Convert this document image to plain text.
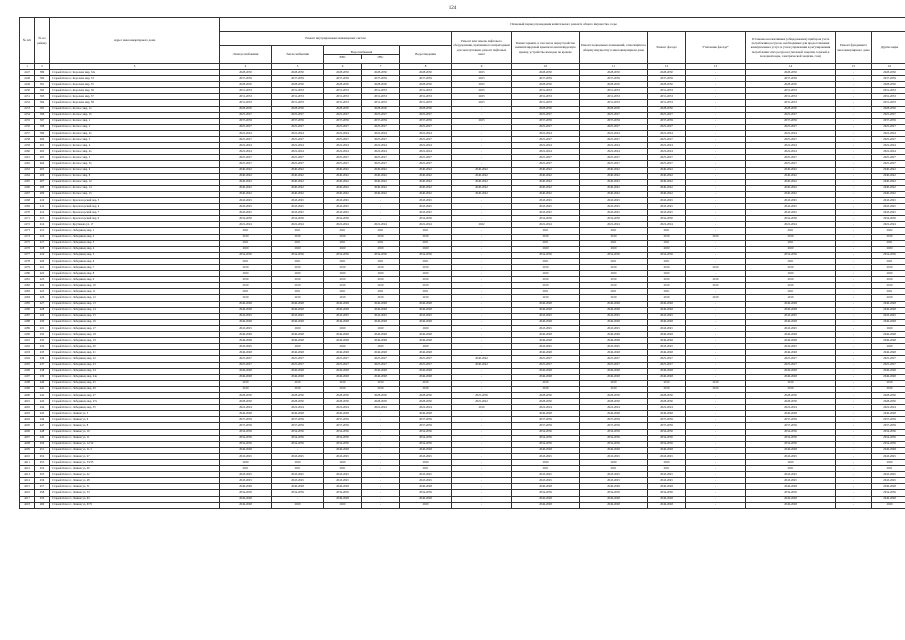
124
№ п/п	№ по району	Адрес многоквартирного дома	Плановый период проведения капитального ремонта общего имущества, годы												
			Ремонт внутридомовых инженерных систем					Ремонт или замена лифтового оборудования, признанного непригодным для эксплуатации, ремонт лифтовых шахт	Ремонт крыши, в том числе переустройство невентилируемой крыши на вентилируемую крышу, устройство выходов на кровлю	Ремонт подвальных помещений, относящихся к общему имуществу в многоквартирном доме	Ремонт фасада	Утепление фасада*	Установка коллективных (общедомовых) приборов учета потребления ресурсов, необходимых для предоставления коммунальных услуг, и узлов управления и регулирования потребления этих ресурсов (тепловой энергии, горячей и холодной воды, электрической энергии, газа)	Ремонт фундамента многоквартирного дома	Другие виды
			Электроснабжения	Теплоснабжения	Водоснабжения
ХВС ГВС		Водоотведения								
1	2	3	4	5	6	7	8	9	10	11	12	13	14	15	16
4147	389	Старый Оскол г, Королева мкр, 32а	2028-2030	2028-2030	2028-2030	2028-2030	2028-2030	2023	2028-2030	2028-2030	2028-2030	-	2028-2030	-	2028-2030
4148	390	Старый Оскол г, Королева мкр, 33	2037-2039	2037-2039	2037-2039	2037-2039	2037-2039	2023	2037-2039	2037-2039	2037-2039	-	2037-2039	-	2037-2039
4149	391	Старый Оскол г, Королева мкр, 35	2028-2030	2028-2030	2028-2030	2028-2030	2028-2030	2023	2028-2030	2028-2030	2028-2030	-	2028-2030	-	2028-2030
4150	392	Старый Оскол г, Королева мкр, 36	2031-2033	2031-2033	2031-2033	2031-2033	2031-2033	2023	2031-2033	2031-2033	2031-2033	-	2031-2033	-	2031-2033
4151	393	Старый Оскол г, Королева мкр, 37	2031-2033	2031-2033	2031-2033	2031-2033	2031-2033	2023	2031-2033	2031-2033	2031-2033	-	2031-2033	-	2031-2033
4152	394	Старый Оскол г, Королева мкр, 38	2031-2033	2031-2033	2031-2033	2031-2033	2031-2033	2023	2031-2033	2031-2033	2031-2033	-	2031-2033	-	2031-2033
4153	395	Старый Оскол г, Космос мкр, 1а	2028-2030	2028-2030	2028-2030	2028-2030	2028-2030	-	2028-2030	2028-2030	2028-2030	-	2028-2030	-	2028-2030
4154	396	Старый Оскол г, Космос мкр, 1б	2025-2027	2025-2027	2025-2027	2025-2027	2025-2027	-	2025-2027	2025-2027	2025-2027	-	2025-2027	-	2025-2027
4155	397	Старый Оскол г, Космос мкр, 1	2037-2039	2037-2039	2037-2039	2037-2039	2037-2039	2023	2037-2039	2037-2039	2037-2039	-	2037-2039	-	2037-2039
4156	398	Старый Оскол г, Космос мкр, 2	2025-2027	2025-2027	2025-2027	2025-2027	2025-2027	-	2025-2027	2025-2027	2025-2027	-	2025-2027	-	2025-2027
4157	399	Старый Оскол г, Космос мкр, 2а	2022-2024	2022-2024	2022-2024	2022-2024	2022-2024	-	2022-2024	2022-2024	2022-2024	-	2022-2024	-	2022-2024
4158	400	Старый Оскол г, Космос мкр, 3	2025-2027	2025-2027	2025-2027	2025-2027	2025-2027	-	2025-2027	2025-2027	2025-2027	-	2025-2027	-	2025-2027
4159	401	Старый Оскол г, Космос мкр, 4	2022-2024	2022-2024	2022-2024	2022-2024	2022-2024	-	2022-2024	2022-2024	2022-2024	-	2022-2024	-	2022-2024
4160	402	Старый Оскол г, Космос мкр, 4а	2022-2024	2022-2024	2022-2024	2022-2024	2022-2024	-	2022-2024	2022-2024	2022-2024	-	2022-2024	-	2022-2024
4161	403	Старый Оскол г, Космос мкр, 5	2025-2027	2025-2027	2025-2027	2025-2027	2025-2027	-	2025-2027	2025-2027	2025-2027	-	2025-2027	-	2025-2027
4162	404	Старый Оскол г, Космос мкр, 5а	2025-2027	2025-2027	2025-2027	2025-2027	2025-2027	-	2025-2027	2025-2027	2025-2027	-	2025-2027	-	2025-2027
4163	405	Старый Оскол г, Космос мкр, 6	2040-2042	2040-2042	2040-2042	2040-2042	2040-2042	2040-2042	2040-2042	2040-2042	2040-2042	-	2040-2042	-	2040-2042
4164	406	Старый Оскол г, Космос мкр, 8	2040-2042	2040-2042	2040-2042	2040-2042	2040-2042	2040-2042	2040-2042	2040-2042	2040-2042	-	2040-2042	-	2040-2042
4165	407	Старый Оскол г, Космос мкр, 12	2040-2042	2040-2042	2040-2042	2040-2042	2040-2042	2040-2042	2040-2042	2040-2042	2040-2042	-	2040-2042	-	2040-2042
4166	408	Старый Оскол г, Космос мкр, 14	2040-2042	2040-2042	2040-2042	2040-2042	2040-2042	2040-2042	2040-2042	2040-2042	2040-2042	-	2040-2042	-	2040-2042
4167	409	Старый Оскол г, Космос мкр, 15	2040-2042	2040-2042	2040-2042	2040-2042	2040-2042	2040-2042	2040-2042	2040-2042	2040-2042	-	2040-2042	-	2040-2042
4168	410	Старый Оскол г, Красногорский пер, 5	2043-2045	2043-2045	2043-2045	-	2043-2045	-	2043-2045	2043-2045	2043-2045	-	2043-2045	-	2043-2045
4169	411	Старый Оскол г, Красногорский пер, 6	2043-2045	2043-2045	2043-2045	-	2043-2045	-	2043-2045	2043-2045	2043-2045	-	2043-2045	-	2043-2045
4170	412	Старый Оскол г, Красногорский пер, 7	2043-2045	2043-2045	2043-2045	-	2043-2045	-	2043-2045	2043-2045	2043-2045	-	2043-2045	-	2043-2045
4171	413	Старый Оскол г, Красногорский пер, 9	2034-2036	2034-2036	2034-2036	-	2034-2036	-	2034-2036	2034-2036	2034-2036	-	2034-2036	-	2034-2036
4172	414	Старый Оскол г, Крутикова ул, 17	2022-2024	2022-2024	2022-2024	2022-2024	2022-2024	2022	2022-2024	2022-2024	2022-2024	-	2022-2024	-	2022-2024
4173	415	Старый Оскол г, Лебединец мкр, 1	2021	2021	2021	2021	2021	-	2021	2021	2021	-	2021	-	2022
4174	416	Старый Оскол г, Лебединец мкр, 2	2019	2019	2019	2019	2019	-	2019	2019	2019	2019	2019	-	2019
4175	417	Старый Оскол г, Лебединец мкр, 3	2021	2021	2021	2021	2021	-	2021	2021	2021	-	2021	-	2021
4176	418	Старый Оскол г, Лебединец мкр, 4	2020	2020	2020	2020	2020	-	2020	2020	2020	-	2020	-	2020
4177	419	Старый Оскол г, Лебединец мкр, 5	2034-2036	2034-2036	2034-2036	2034-2036	2034-2036	-	2034-2036	2034-2036	2034-2036	-	2034-2036	-	2034-2036
4178	420	Старый Оскол г, Лебединец мкр, 6	2021	2021	2021	2021	2021	-	2021	2021	2021	-	2021	-	2021
4179	421	Старый Оскол г, Лебединец мкр, 7	2019	2019	2019	2019	2019	-	2019	2019	2019	2019	2019	-	2019
4180	422	Старый Оскол г, Лебединец мкр, 8	2020	2020	2020	2020	2020	-	2020	2020	2020	-	2020	-	2020
4181	423	Старый Оскол г, Лебединец мкр, 9	2019	2019	2019	2019	2019	-	2019	2019	2019	2019	2019	-	2019
4182	424	Старый Оскол г, Лебединец мкр, 10	2019	2019	2019	2019	2019	-	2019	2019	2019	2019	2019	-	2019
4183	425	Старый Оскол г, Лебединец мкр, 11	2021	2021	2021	2021	2021	-	2021	2021	2021	-	2021	-	2021
4184	426	Старый Оскол г, Лебединец мкр, 12	2019	2019	2019	2019	2019	-	2019	2019	2019	2019	2019	-	2019
4185	427	Старый Оскол г, Лебединец мкр, 13	2046-2048	2046-2048	2046-2048	2046-2048	2046-2048	-	2046-2048	2046-2048	2046-2048	-	2046-2048	-	2046-2048
4186	428	Старый Оскол г, Лебединец мкр, 14	2046-2048	2046-2048	2046-2048	2046-2048	2046-2048	-	2046-2048	2046-2048	2046-2048	-	2046-2048	-	2046-2048
4187	429	Старый Оскол г, Лебединец мкр, 15	2043-2045	2043-2045	2043-2045	2043-2045	2043-2045	-	2043-2045	2043-2045	2043-2045	-	2043-2045	-	2043-2045
4188	430	Старый Оскол г, Лебединец мкр, 16	2046-2048	2046-2048	2046-2048	2046-2048	2046-2048	-	2046-2048	2046-2048	2046-2048	-	2046-2048	-	2046-2048
4189	431	Старый Оскол г, Лебединец мкр, 17	2043-2045	2020	2020	2020	2020	-	2043-2045	2043-2045	2043-2045	-	2043-2045	-	2020
4190	432	Старый Оскол г, Лебединец мкр, 18	2046-2048	2046-2048	2046-2048	2046-2048	2046-2048	-	2046-2048	2046-2048	2046-2048	-	2046-2048	-	2046-2048
4191	433	Старый Оскол г, Лебединец мкр, 19	2046-2048	2046-2048	2046-2048	2046-2048	2046-2048	-	2046-2048	2046-2048	2046-2048	-	2046-2048	-	2046-2048
4192	434	Старый Оскол г, Лебединец мкр, 20	2043-2045	2020	2020	2020	2020	-	2043-2045	2043-2045	2043-2045	-	2043-2045	-	2020
4193	435	Старый Оскол г, Лебединец мкр, 21	2046-2048	2046-2048	2046-2048	2046-2048	2046-2048	-	2046-2048	2046-2048	2046-2048	-	2046-2048	-	2046-2048
4194	436	Старый Оскол г, Лебединец мкр, 22	2025-2027	2025-2027	2025-2027	2025-2027	2025-2027	2040-2042	2025-2027	2025-2027	2025-2027	-	2025-2027	-	2025-2027
4195	437	Старый Оскол г, Лебединец мкр, 23	2025-2027	2025-2027	2025-2027	2025-2027	2025-2027	2040-2042	2025-2027	2025-2027	2025-2027	-	2025-2027	-	2025-2027
4196	438	Старый Оскол г, Лебединец мкр, 24	2046-2048	2046-2048	2046-2048	2046-2048	2046-2048	-	2046-2048	2046-2048	2046-2048	-	2046-2048	-	2046-2048
4197	439	Старый Оскол г, Лебединец мкр, 24а	2046-2048	2046-2048	2046-2048	2046-2048	2046-2048	-	2046-2048	2046-2048	2046-2048	-	2046-2048	-	2046-2048
4198	440	Старый Оскол г, Лебединец мкр, 25	2019	2019	2019	2019	2019	-	2019	2019	2019	2019	2019	-	2019
4199	441	Старый Оскол г, Лебединец мкр, 26	2019	2019	2019	2019	2019	-	2019	2019	2019	2019	2019	-	2019
4200	442	Старый Оскол г, Лебединец мкр, 27	2028-2030	2028-2030	2028-2030	2028-2030	2028-2030	2025-2036	2028-2030	2028-2030	2028-2030	-	2028-2030	-	2028-2030
4201	443	Старый Оскол г, Лебединец мкр, 27а	2028-2030	2028-2030	2028-2030	2028-2030	2028-2030	2025-2042	2028-2030	2028-2030	2028-2030	-	2028-2030	-	2028-2030
4202	444	Старый Оскол г, Лебединец мкр, 35	2022-2024	2022-2024	2022-2024	2022-2024	2022-2024	2019	2022-2024	2022-2024	2022-2024	-	2022-2024	-	2022-2024
4203	445	Старый Оскол г, Ленина ул, 3	2046-2048	2046-2048	2046-2048	-	2046-2048	-	2046-2048	2046-2048	2046-2048	-	2046-2048	-	2046-2048
4204	446	Старый Оскол г, Ленина ул, 6	2037-2039	2037-2039	2037-2039	-	2037-2039	-	2037-2039	2037-2039	2037-2039	-	2037-2039	-	2037-2039
4205	447	Старый Оскол г, Ленина ул, 8	2037-2039	2037-2039	2037-2039	-	2037-2039	-	2037-2039	2037-2039	2037-2039	-	2037-2039	-	2037-2039
4206	448	Старый Оскол г, Ленина ул, 10	2034-2036	2034-2036	2034-2036	-	2034-2036	-	2034-2036	2034-2036	2034-2036	-	2034-2036	-	2034-2036
4207	449	Старый Оскол г, Ленина ул, 11	2034-2036	2034-2036	2034-2036	-	2034-2036	-	2034-2036	2034-2036	2034-2036	-	2034-2036	-	2034-2036
4208	450	Старый Оскол г, Ленина ул, 12/12	2034-2036	2034-2036	2034-2036	-	2034-2036	-	2034-2036	2034-2036	2034-2036	-	2034-2036	-	2034-2036
4209	451	Старый Оскол г, Ленина ул, 21/1	2046-2048	-	2046-2048	-	2046-2048	-	2046-2048	2046-2048	2046-2048	-	2046-2048	-	2046-2048
4210	452	Старый Оскол г, Ленина ул, 27	2043-2045	2043-2045	2043-2045	-	2043-2045	-	2043-2045	2043-2045	2043-2045	-	2043-2045	-	2043-2045
4211	453	Старый Оскол г, Ленина ул, 33/35	2020	2020	2020	-	2020	-	2020	2020	2020	-	2020	-	2020
4212	454	Старый Оскол г, Ленина ул, 40	2021	2021	2021	-	2021	-	2021	2021	2021	-	2021	-	2021
4213	455	Старый Оскол г, Ленина ул, 42	2043-2045	2043-2045	2043-2045	-	2043-2045	-	2043-2045	2043-2045	2043-2045	-	2043-2045	-	2043-2045
4214	456	Старый Оскол г, Ленина ул, 48	2043-2045	2043-2045	2043-2045	-	2043-2045	-	2043-2045	2043-2045	2043-2045	-	2043-2045	-	2043-2045
4215	457	Старый Оскол г, Ленина ул, 51	2046-2048	2046-2048	2046-2048	-	2046-2048	-	2046-2048	2046-2048	2046-2048	-	2046-2048	-	2046-2048
4216	458	Старый Оскол г, Ленина ул, 53	2034-2036	2034-2036	2034-2036	-	2034-2036	-	2034-2036	2034-2036	2034-2036	-	2034-2036	-	2034-2036
4217	459	Старый Оскол г, Ленина ул, 63	2046-2048	-	2046-2048	-	2046-2048	-	2046-2048	2046-2048	2046-2048	-	2046-2048	-	2046-2048
4218	460	Старый Оскол г, Ленина ул, 67/9	2046-2048	2020	2020	-	2020	-	2046-2048	2046-2048	2046-2048	-	2046-2048	-	2020
